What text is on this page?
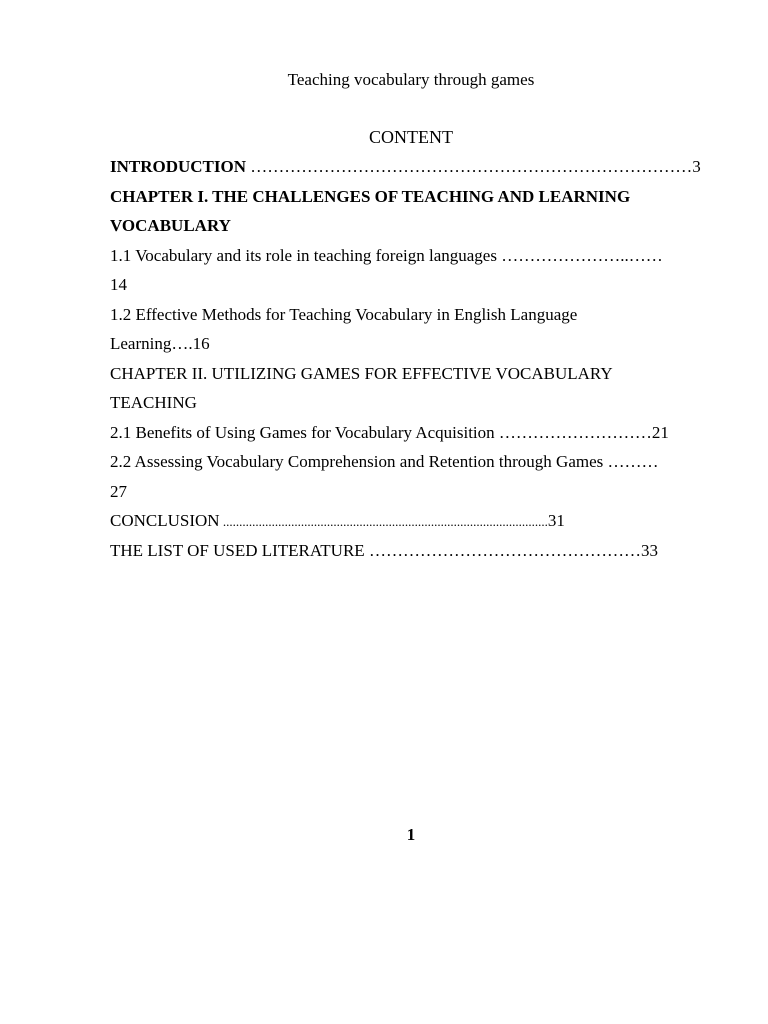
Teaching vocabulary through games
CONTENT
INTRODUCTION ……………………………………………………………………3
CHAPTER I. THE CHALLENGES OF TEACHING AND LEARNING
VOCABULARY
1.1 Vocabulary and its role in teaching foreign languages …………………..……
14
1.2 Effective Methods for Teaching Vocabulary in English Language
Learning….16
CHAPTER II. UTILIZING GAMES FOR EFFECTIVE VOCABULARY
TEACHING
2.1 Benefits of Using Games for Vocabulary Acquisition ………………………21
2.2 Assessing Vocabulary Comprehension and Retention through Games ………
27
CONCLUSION ....................................................................................................31
THE LIST OF USED LITERATURE …………………………………………33
1
